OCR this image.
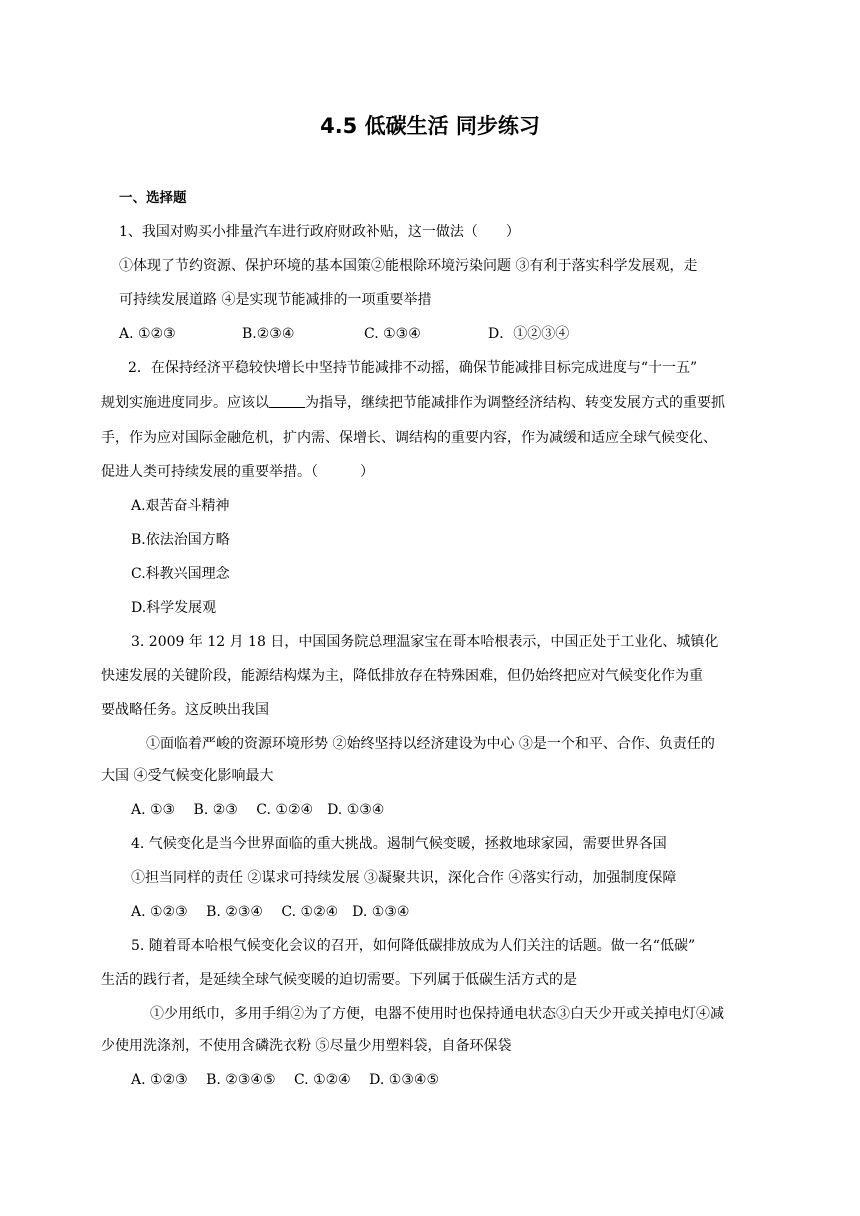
4.5 低碳生活 同步练习
一、选择题
1、我国对购买小排量汽车进行政府财政补贴，这一做法（　　）
①体现了节约资源、保护环境的基本国策②能根除环境污染问题 ③有利于落实科学发展观，走
可持续发展道路 ④是实现节能减排的一项重要举措
A. ①②③	B.②③④	C. ①③④	D．①②③④
2．在保持经济平稳较快增长中坚持节能减排不动摇，确保节能减排目标完成进度与“十一五”
规划实施进度同步。应该以	为指导，继续把节能减排作为调整经济结构、转变发展方式的重要抓
手，作为应对国际金融危机，扩内需、保增长、调结构的重要内容，作为减缓和适应全球气候变化、
促进人类可持续发展的重要举措。（　　　）
A.艰苦奋斗精神
B.依法治国方略
C.科教兴国理念
D.科学发展观
3. 2009 年 12 月 18 日，中国国务院总理温家宝在哥本哈根表示，中国正处于工业化、城镇化
快速发展的关键阶段，能源结构煤为主，降低排放存在特殊困难，但仍始终把应对气候变化作为重
要战略任务。这反映出我国
①面临着严峻的资源环境形势 ②始终坚持以经济建设为中心 ③是一个和平、合作、负责任的
大国 ④受气候变化影响最大
A. ①③　 B. ②③　 C. ①②④　D. ①③④
4. 气候变化是当今世界面临的重大挑战。遏制气候变暖，拯救地球家园，需要世界各国
①担当同样的责任 ②谋求可持续发展 ③凝聚共识，深化合作 ④落实行动，加强制度保障
A. ①②③　 B. ②③④　 C. ①②④　D. ①③④
5. 随着哥本哈根气候变化会议的召开，如何降低碳排放成为人们关注的话题。做一名“低碳”
生活的践行者，是延续全球气候变暖的迫切需要。下列属于低碳生活方式的是
①少用纸巾，多用手绢②为了方便，电器不使用时也保持通电状态③白天少开或关掉电灯④减
少使用洗涤剂，不使用含磷洗衣粉 ⑤尽量少用塑料袋，自备环保袋
A. ①②③　 B. ②③④⑤　 C. ①②④　 D. ①③④⑤
